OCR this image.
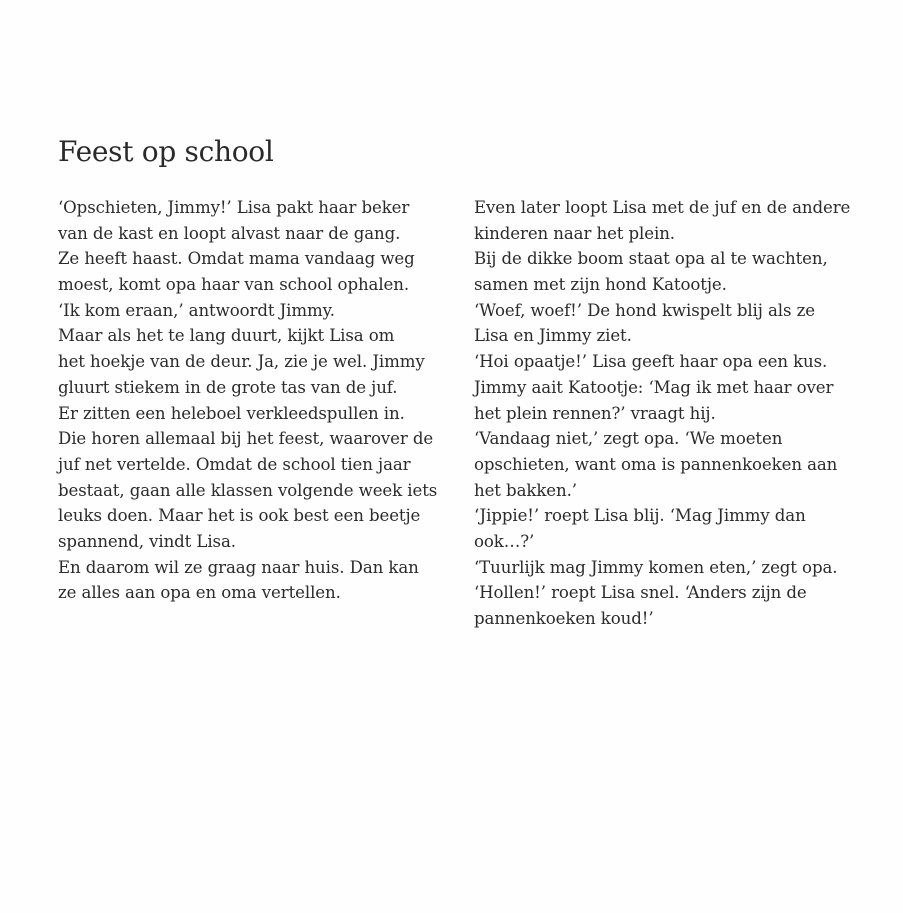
Feest op school
‘Opschieten, Jimmy!’ Lisa pakt haar beker
van de kast en loopt alvast naar de gang.
Ze heeft haast. Omdat mama vandaag weg
moest, komt opa haar van school ophalen.
‘Ik kom eraan,’ antwoordt Jimmy.
Maar als het te lang duurt, kijkt Lisa om
het hoekje van de deur. Ja, zie je wel. Jimmy
gluurt stiekem in de grote tas van de juf.
Er zitten een heleboel verkleedspullen in.
Die horen allemaal bij het feest, waarover de
juf net vertelde. Omdat de school tien jaar
bestaat, gaan alle klassen volgende week iets
leuks doen. Maar het is ook best een beetje
spannend, vindt Lisa.
En daarom wil ze graag naar huis. Dan kan
ze alles aan opa en oma vertellen.
Even later loopt Lisa met de juf en de andere
kinderen naar het plein.
Bij de dikke boom staat opa al te wachten,
samen met zijn hond Katootje.
‘Woef, woef!’ De hond kwispelt blij als ze
Lisa en Jimmy ziet.
‘Hoi opaatje!’ Lisa geeft haar opa een kus.
Jimmy aait Katootje: ‘Mag ik met haar over
het plein rennen?’ vraagt hij.
‘Vandaag niet,’ zegt opa. ‘We moeten
opschieten, want oma is pannenkoeken aan
het bakken.’
‘Jippie!’ roept Lisa blij. ‘Mag Jimmy dan
ook…?’
‘Tuurlijk mag Jimmy komen eten,’ zegt opa.
‘Hollen!’ roept Lisa snel. ‘Anders zijn de
pannenkoeken koud!’
